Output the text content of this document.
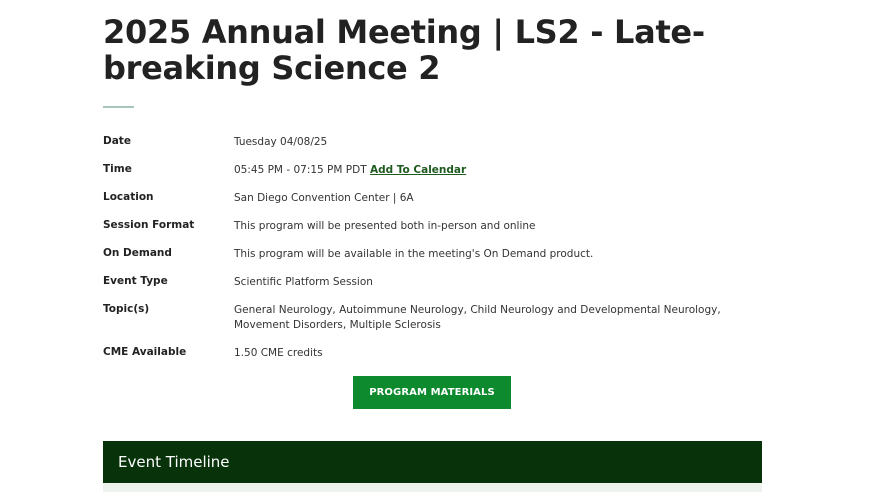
2025 Annual Meeting | LS2 - Late-breaking Science 2
Date	Tuesday 04/08/25
Time	05:45 PM - 07:15 PM PDT Add To Calendar
Location	San Diego Convention Center | 6A
Session Format	This program will be presented both in-person and online
On Demand	This program will be available in the meeting's On Demand product.
Event Type	Scientific Platform Session
Topic(s)	General Neurology, Autoimmune Neurology, Child Neurology and Developmental Neurology, Movement Disorders, Multiple Sclerosis
CME Available	1.50 CME credits
PROGRAM MATERIALS
Event Timeline
